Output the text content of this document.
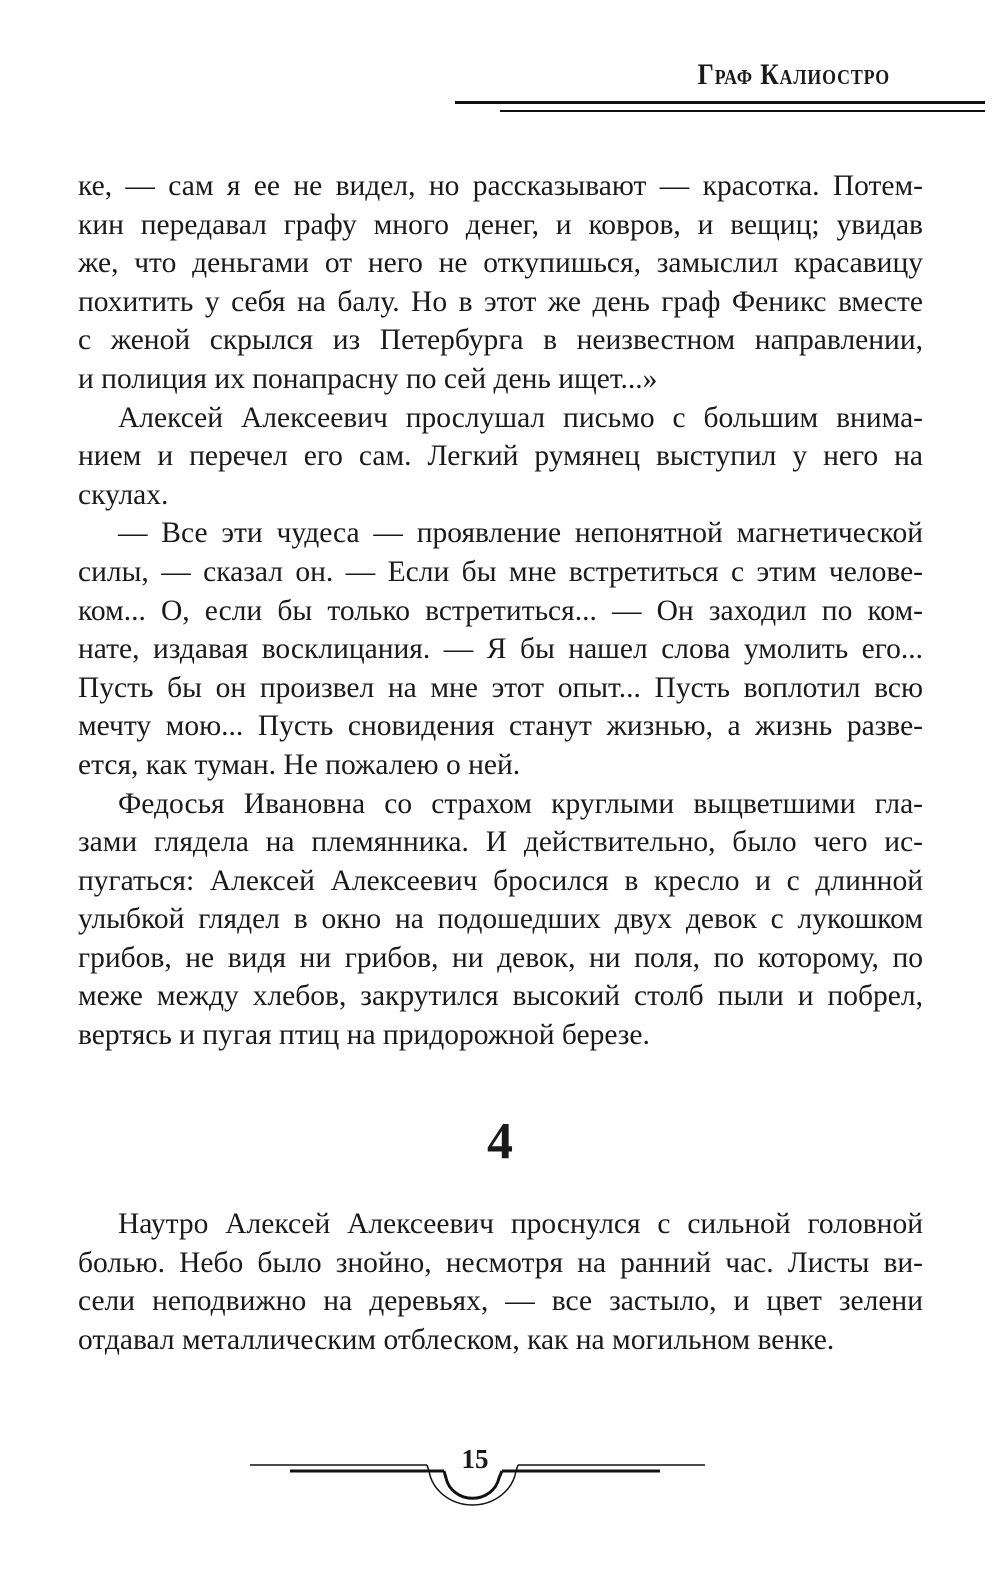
Граф Калиостро
ке, — сам я ее не видел, но рассказывают — красотка. Потем-
кин передавал графу много денег, и ковров, и вещиц; увидав
же, что деньгами от него не откупишься, замыслил красавицу
похитить у себя на балу. Но в этот же день граф Феникс вместе
с женой скрылся из Петербурга в неизвестном направлении,
и полиция их понапрасну по сей день ищет...»
Алексей Алексеевич прослушал письмо с большим внима-
нием и перечел его сам. Легкий румянец выступил у него на
скулах.
— Все эти чудеса — проявление непонятной магнетической
силы, — сказал он. — Если бы мне встретиться с этим челове-
ком... О, если бы только встретиться... — Он заходил по ком-
нате, издавая восклицания. — Я бы нашел слова умолить его...
Пусть бы он произвел на мне этот опыт... Пусть воплотил всю
мечту мою... Пусть сновидения станут жизнью, а жизнь разве-
ется, как туман. Не пожалею о ней.
Федосья Ивановна со страхом круглыми выцветшими гла-
зами глядела на племянника. И действительно, было чего ис-
пугаться: Алексей Алексеевич бросился в кресло и с длинной
улыбкой глядел в окно на подошедших двух девок с лукошком
грибов, не видя ни грибов, ни девок, ни поля, по которому, по
меже между хлебов, закрутился высокий столб пыли и побрел,
вертясь и пугая птиц на придорожной березе.
4
Наутро Алексей Алексеевич проснулся с сильной головной
болью. Небо было знойно, несмотря на ранний час. Листы ви-
сели неподвижно на деревьях, — все застыло, и цвет зелени
отдавал металлическим отблеском, как на могильном венке.
15
